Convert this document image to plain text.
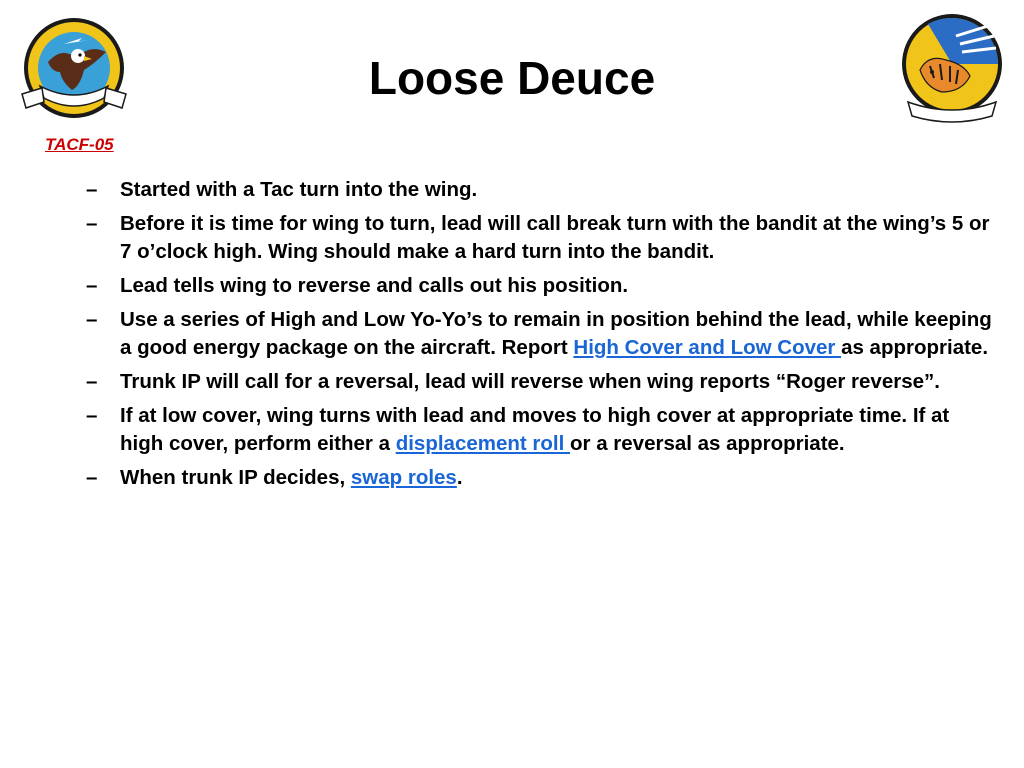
Loose Deuce
TACF-05
– Started with a Tac turn into the wing.
– Before it is time for wing to turn, lead will call break turn with the bandit at the wing’s 5 or 7 o’clock high. Wing should make a hard turn into the bandit.
– Lead tells wing to reverse and calls out his position.
– Use a series of High and Low Yo-Yo’s to remain in position behind the lead, while keeping a good energy package on the aircraft. Report High Cover and Low Cover as appropriate.
– Trunk IP will call for a reversal, lead will reverse when wing reports “Roger reverse”.
– If at low cover, wing turns with lead and moves to high cover at appropriate time. If at high cover, perform either a displacement roll or a reversal as appropriate.
– When trunk IP decides, swap roles.
